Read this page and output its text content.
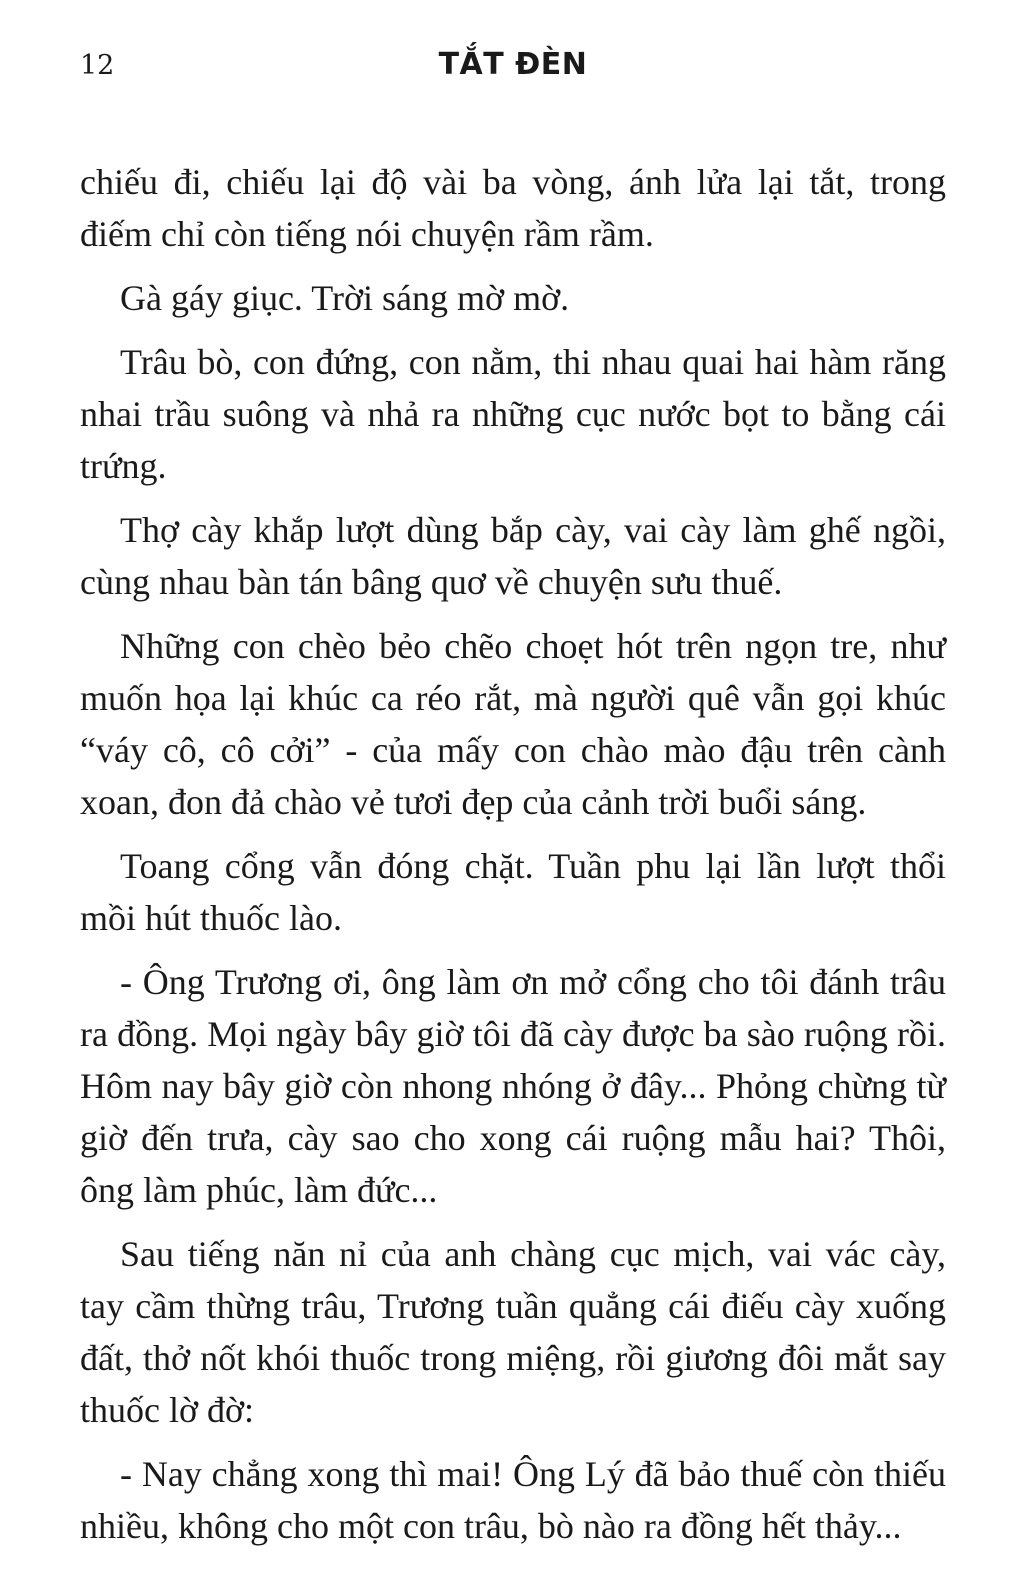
12	TẮT ĐÈN

chiếu đi, chiếu lại độ vài ba vòng, ánh lửa lại tắt, trong điếm chỉ còn tiếng nói chuyện rầm rầm.

Gà gáy giục. Trời sáng mờ mờ.

Trâu bò, con đứng, con nằm, thi nhau quai hai hàm răng nhai trầu suông và nhả ra những cục nước bọt to bằng cái trứng.

Thợ cày khắp lượt dùng bắp cày, vai cày làm ghế ngồi, cùng nhau bàn tán bâng quơ về chuyện sưu thuế.

Những con chèo bẻo chẽo choẹt hót trên ngọn tre, như muốn họa lại khúc ca réo rắt, mà người quê vẫn gọi khúc “váy cô, cô cởi” - của mấy con chào mào đậu trên cành xoan, đon đả chào vẻ tươi đẹp của cảnh trời buổi sáng.

Toang cổng vẫn đóng chặt. Tuần phu lại lần lượt thổi mồi hút thuốc lào.

- Ông Trương ơi, ông làm ơn mở cổng cho tôi đánh trâu ra đồng. Mọi ngày bây giờ tôi đã cày được ba sào ruộng rồi. Hôm nay bây giờ còn nhong nhóng ở đây... Phỏng chừng từ giờ đến trưa, cày sao cho xong cái ruộng mẫu hai? Thôi, ông làm phúc, làm đức...

Sau tiếng năn nỉ của anh chàng cục mịch, vai vác cày, tay cầm thừng trâu, Trương tuần quẳng cái điếu cày xuống đất, thở nốt khói thuốc trong miệng, rồi giương đôi mắt say thuốc lờ đờ:

- Nay chẳng xong thì mai! Ông Lý đã bảo thuế còn thiếu nhiều, không cho một con trâu, bò nào ra đồng hết thảy...
